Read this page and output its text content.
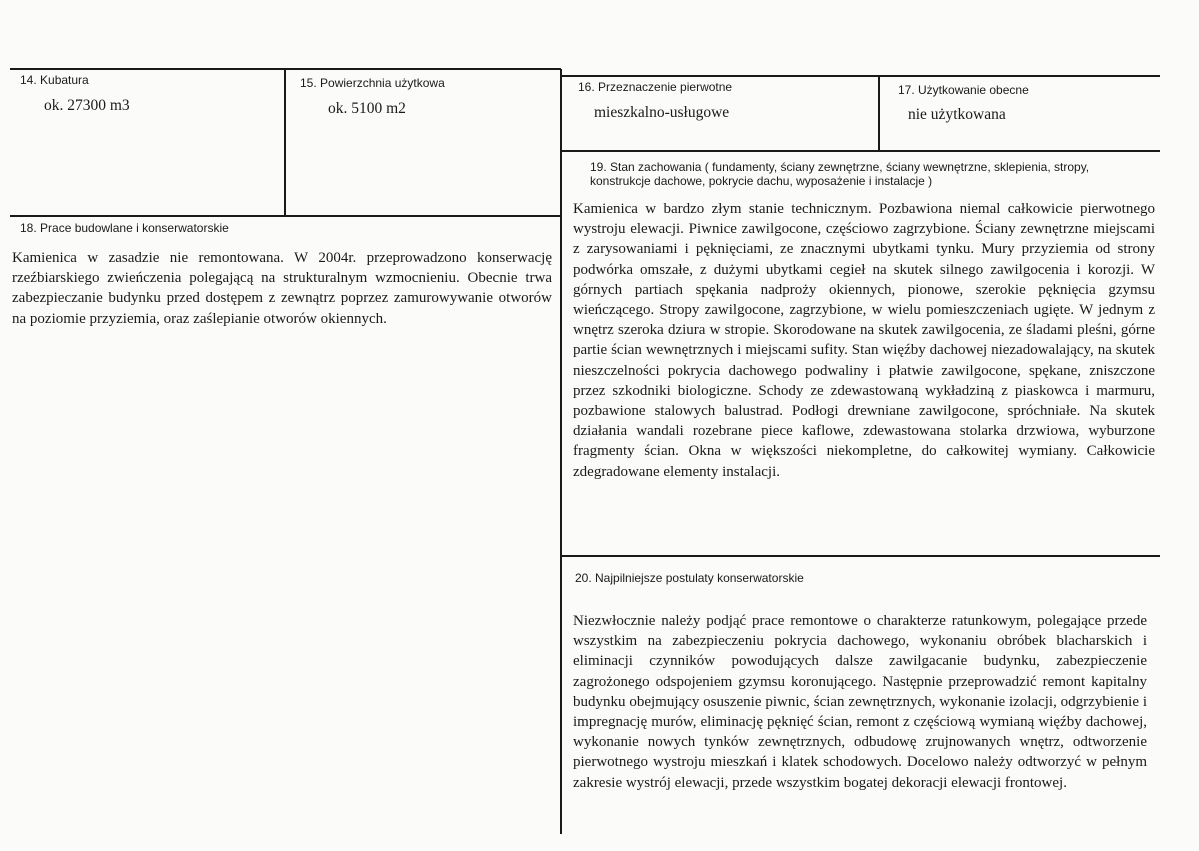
14. Kubatura
ok. 27300 m3
15. Powierzchnia użytkowa
ok. 5100 m2
16. Przeznaczenie pierwotne
mieszkalno-usługowe
17. Użytkowanie obecne
nie użytkowana
18. Prace budowlane i konserwatorskie

Kamienica w zasadzie nie remontowana. W 2004r. przeprowadzono konserwację rzeźbiarskiego zwieńczenia polegającą na strukturalnym wzmocnieniu. Obecnie trwa zabezpieczanie budynku przed dostępem z zewnątrz poprzez zamurowywanie otworów na poziomie przyziemia, oraz zaślepianie otworów okiennych.

19. Stan zachowania ( fundamenty, ściany zewnętrzne, ściany wewnętrzne, sklepienia, stropy, konstrukcje dachowe, pokrycie dachu, wyposażenie i instalacje )

Kamienica w bardzo złym stanie technicznym. Pozbawiona niemal całkowicie pierwotnego wystroju elewacji. Piwnice zawilgocone, częściowo zagrzybione. Ściany zewnętrzne miejscami z zarysowaniami i pęknięciami, ze znacznymi ubytkami tynku. Mury przyziemia od strony podwórka omszałe, z dużymi ubytkami cegieł na skutek silnego zawilgocenia i korozji. W górnych partiach spękania nadproży okiennych, pionowe, szerokie pęknięcia gzymsu wieńczącego. Stropy zawilgocone, zagrzybione, w wielu pomieszczeniach ugięte. W jednym z wnętrz szeroka dziura w stropie. Skorodowane na skutek zawilgocenia, ze śladami pleśni, górne partie ścian wewnętrznych i miejscami sufity. Stan więźby dachowej niezadowalający, na skutek nieszczelności pokrycia dachowego podwaliny i płatwie zawilgocone, spękane, zniszczone przez szkodniki biologiczne. Schody ze zdewastowaną wykładziną z piaskowca i marmuru, pozbawione stalowych balustrad. Podłogi drewniane zawilgocone, spróchniałe. Na skutek działania wandali rozebrane piece kaflowe, zdewastowana stolarka drzwiowa, wyburzone fragmenty ścian. Okna w większości niekompletne, do całkowitej wymiany. Całkowicie zdegradowane elementy instalacji.

20. Najpilniejsze postulaty konserwatorskie

Niezwłocznie należy podjąć prace remontowe o charakterze ratunkowym, polegające przede wszystkim na zabezpieczeniu pokrycia dachowego, wykonaniu obróbek blacharskich i eliminacji czynników powodujących dalsze zawilgacanie budynku, zabezpieczenie zagrożonego odspojeniem gzymsu koronującego. Następnie przeprowadzić remont kapitalny budynku obejmujący osuszenie piwnic, ścian zewnętrznych, wykonanie izolacji, odgrzybienie i impregnację murów, eliminację pęknięć ścian, remont z częściową wymianą więźby dachowej, wykonanie nowych tynków zewnętrznych, odbudowę zrujnowanych wnętrz, odtworzenie pierwotnego wystroju mieszkań i klatek schodowych. Docelowo należy odtworzyć w pełnym zakresie wystrój elewacji, przede wszystkim bogatej dekoracji elewacji frontowej.
